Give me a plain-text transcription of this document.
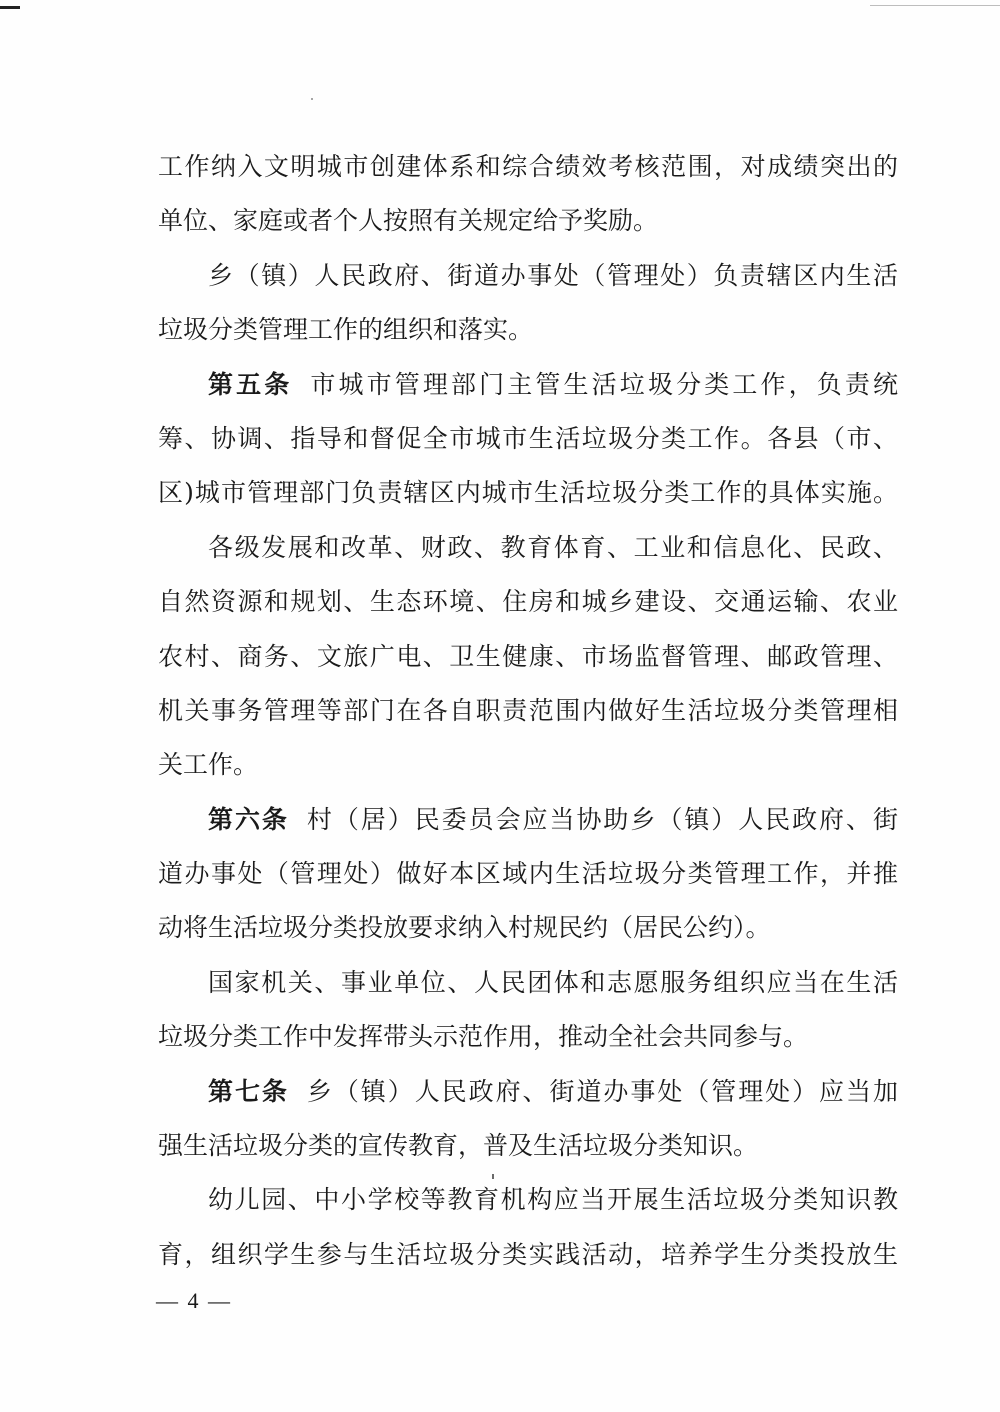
工作纳入文明城市创建体系和综合绩效考核范围，对成绩突出的
单位、家庭或者个人按照有关规定给予奖励。
乡（镇）人民政府、街道办事处（管理处）负责辖区内生活
垃圾分类管理工作的组织和落实。
第五条 市城市管理部门主管生活垃圾分类工作，负责统
筹、协调、指导和督促全市城市生活垃圾分类工作。各县（市、
区)城市管理部门负责辖区内城市生活垃圾分类工作的具体实施。
各级发展和改革、财政、教育体育、工业和信息化、民政、
自然资源和规划、生态环境、住房和城乡建设、交通运输、农业
农村、商务、文旅广电、卫生健康、市场监督管理、邮政管理、
机关事务管理等部门在各自职责范围内做好生活垃圾分类管理相
关工作。
第六条 村（居）民委员会应当协助乡（镇）人民政府、街
道办事处（管理处）做好本区域内生活垃圾分类管理工作，并推
动将生活垃圾分类投放要求纳入村规民约（居民公约）。
国家机关、事业单位、人民团体和志愿服务组织应当在生活
垃圾分类工作中发挥带头示范作用，推动全社会共同参与。
第七条 乡（镇）人民政府、街道办事处（管理处）应当加
强生活垃圾分类的宣传教育，普及生活垃圾分类知识。
幼儿园、中小学校等教育机构应当开展生活垃圾分类知识教
育，组织学生参与生活垃圾分类实践活动，培养学生分类投放生
— 4 —
